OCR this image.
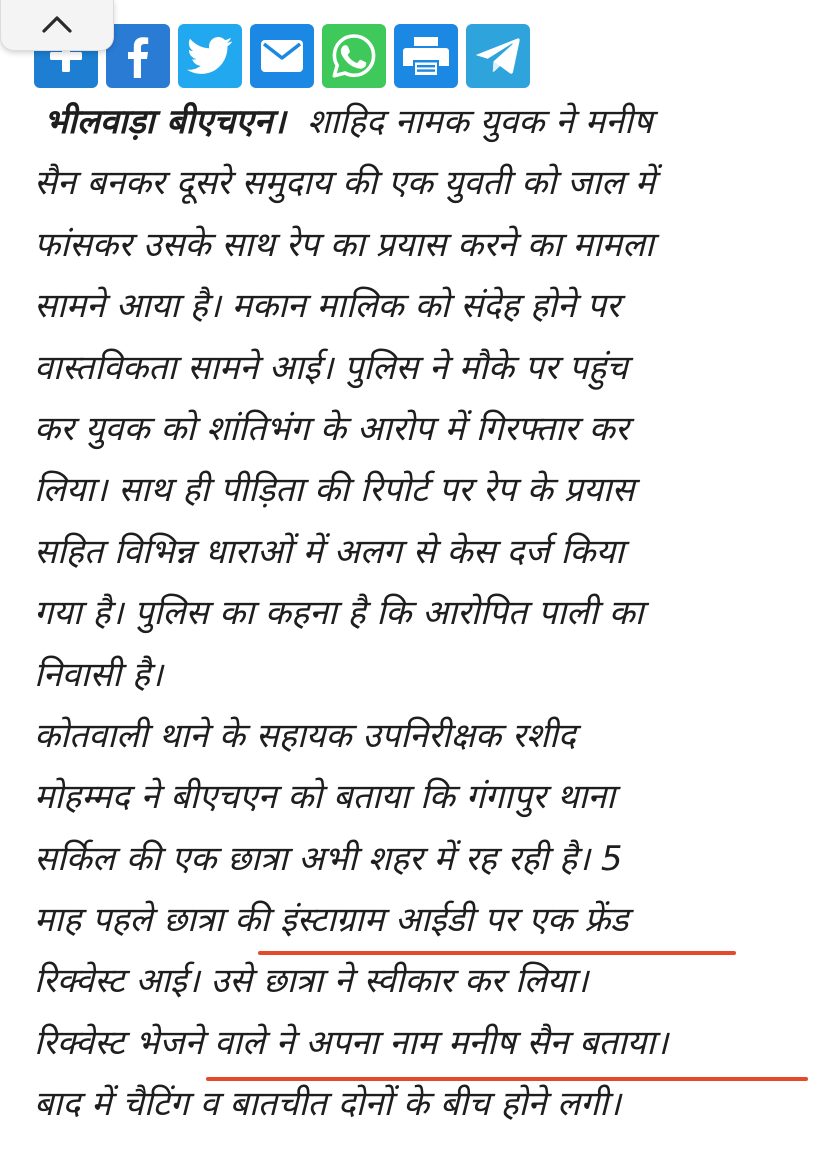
भीलवाड़ा बीएचएन। शाहिद नामक युवक ने मनीष
सैन बनकर दूसरे समुदाय की एक युवती को जाल में
फांसकर उसके साथ रेप का प्रयास करने का मामला
सामने आया है। मकान मालिक को संदेह होने पर
वास्तविकता सामने आई। पुलिस ने मौके पर पहुंच
कर युवक को शांतिभंग के आरोप में गिरफ्तार कर
लिया। साथ ही पीड़िता की रिपोर्ट पर रेप के प्रयास
सहित विभिन्न धाराओं में अलग से केस दर्ज किया
गया है। पुलिस का कहना है कि आरोपित पाली का
निवासी है।
कोतवाली थाने के सहायक उपनिरीक्षक रशीद
मोहम्मद ने बीएचएन को बताया कि गंगापुर थाना
सर्किल की एक छात्रा अभी शहर में रह रही है। 5
माह पहले छात्रा की इंस्टाग्राम आईडी पर एक फ्रेंड
रिक्वेस्ट आई। उसे छात्रा ने स्वीकार कर लिया।
रिक्वेस्ट भेजने वाले ने अपना नाम मनीष सैन बताया।
बाद में चैटिंग व बातचीत दोनों के बीच होने लगी।
